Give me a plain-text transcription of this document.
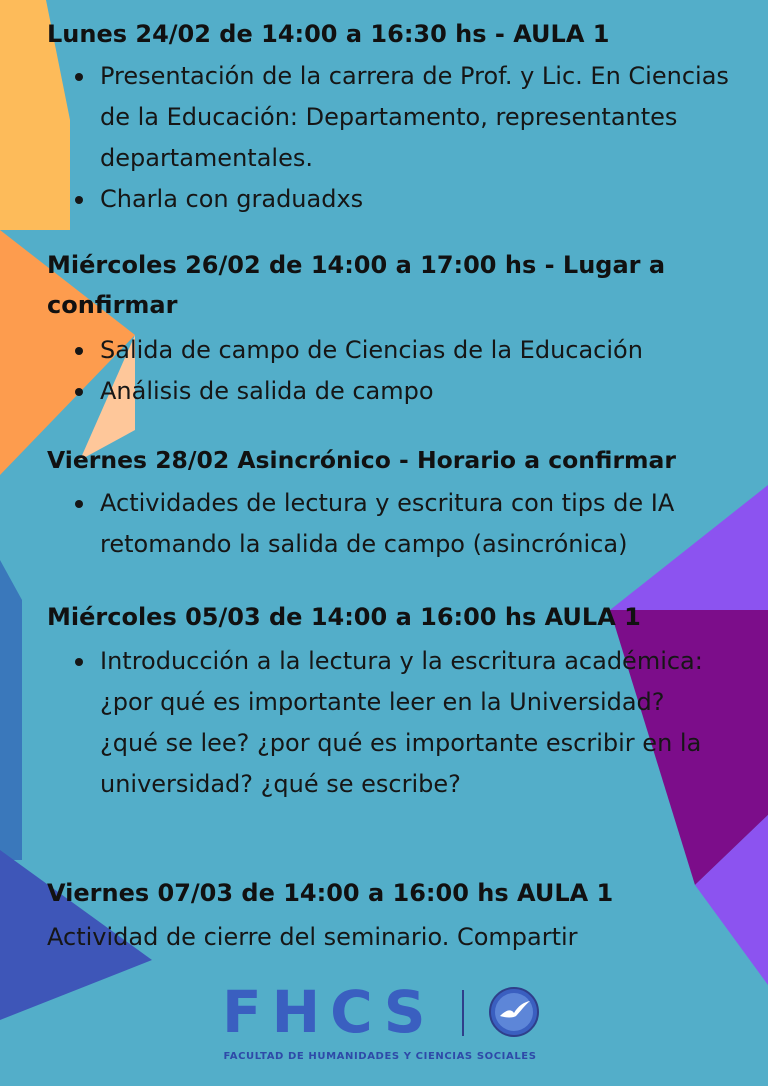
Lunes 24/02 de 14:00 a 16:30 hs - AULA 1
Presentación de la carrera de Prof. y Lic. En Ciencias de la Educación: Departamento, representantes departamentales.
Charla con graduadxs
Miércoles 26/02 de 14:00 a 17:00 hs - Lugar a confirmar
Salida de campo de Ciencias de la Educación
Análisis de salida de campo
Viernes 28/02 Asincrónico - Horario a confirmar
Actividades de lectura y escritura con tips de IA retomando la salida de campo (asincrónica)
Miércoles 05/03 de 14:00 a 16:00 hs AULA 1
Introducción a la lectura y la escritura académica: ¿por qué es importante leer en la Universidad? ¿qué se lee? ¿por qué es importante escribir en la universidad? ¿qué se escribe?
Viernes 07/03 de 14:00 a 16:00 hs AULA 1

Actividad de cierre del seminario. Compartir

FHCS
FACULTAD DE HUMANIDADES Y CIENCIAS SOCIALES
